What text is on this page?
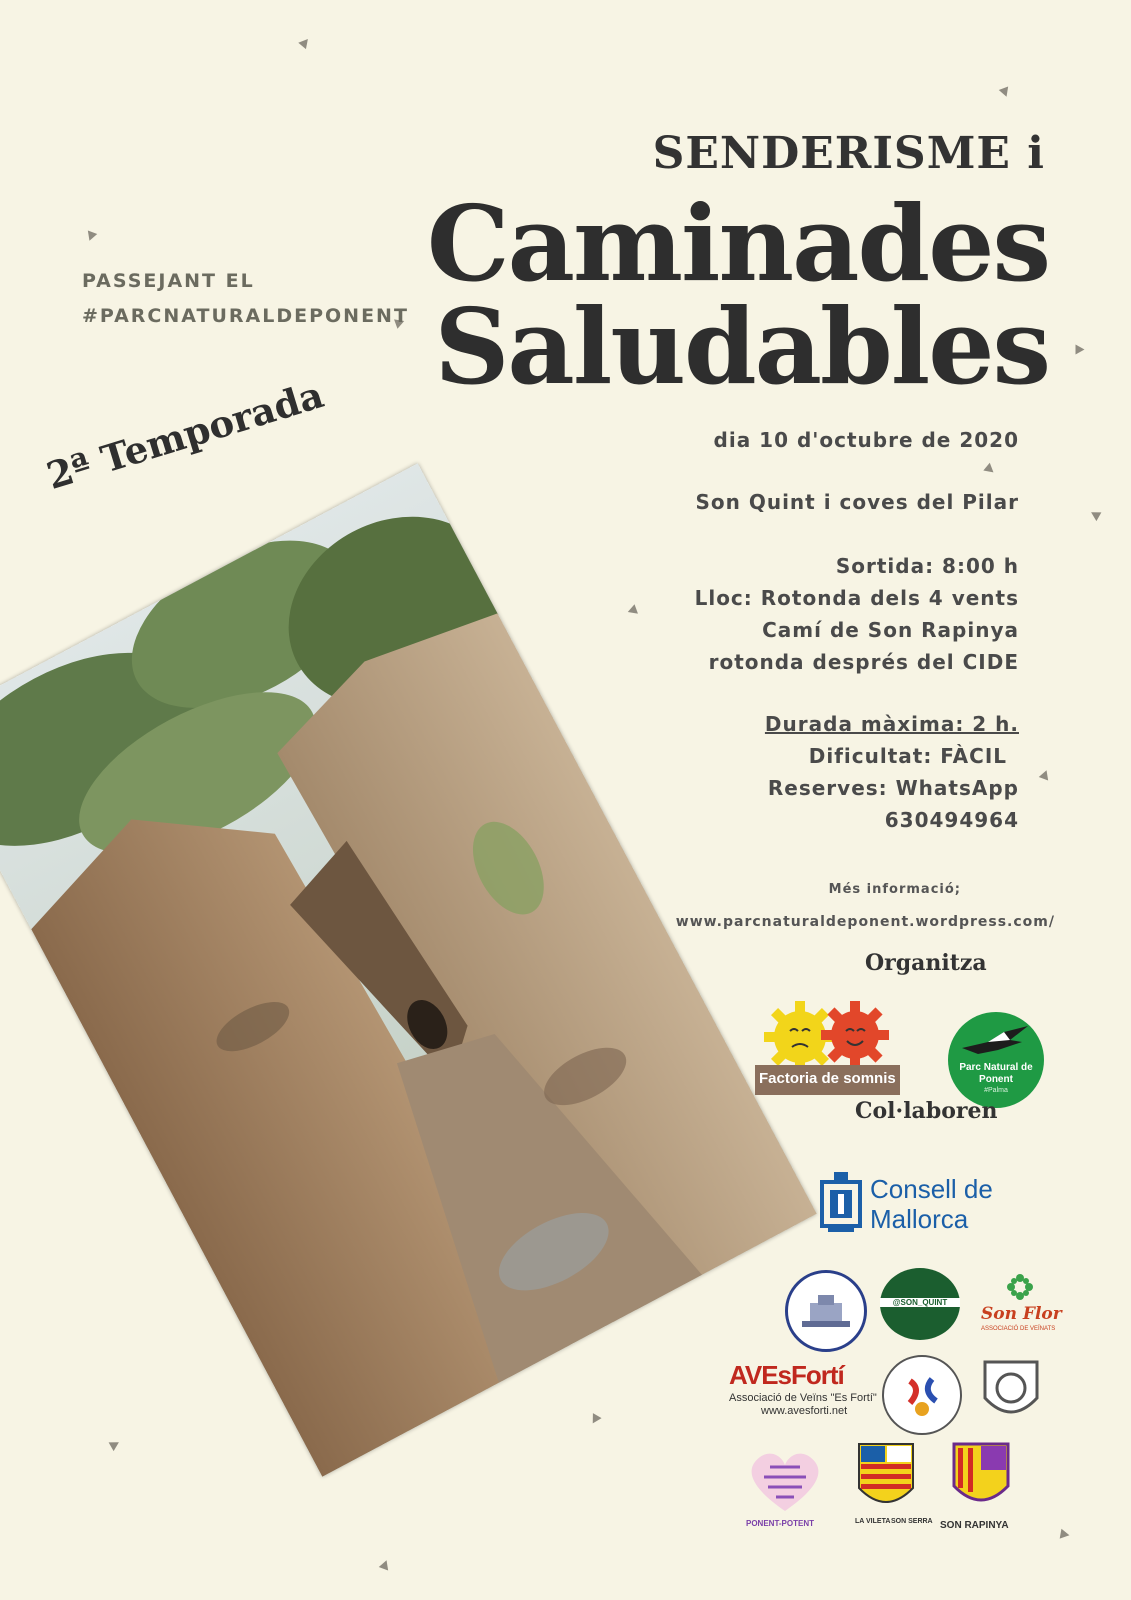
PASSEJANT EL
#PARCNATURALDEPONENT
SENDERISME i
Caminades
Saludables
2ª Temporada	dia 10 d'octubre de 2020
Son Quint i coves del Pilar
Sortida: 8:00 h
Lloc: Rotonda dels 4 vents
Camí de Son Rapinya
rotonda després del CIDE
Durada màxima: 2 h.
Dificultat: FÀCIL
Reserves: WhatsApp
630494964
Més informació;
www.parcnaturaldeponent.wordpress.com/
Organitza
Factoria de somnis
Parc Natural de
Ponent
#Palma
Col·laboren
Consell de
Mallorca
@SON_QUINT
Son Flor
ASSOCIACIÓ DE VEÏNATS
AVEsFortí
Associació de Veïns "Es Fortí"
www.avesforti.net
PONENT-POTENT	LA VILETA SON SERRA SON RAPINYA
